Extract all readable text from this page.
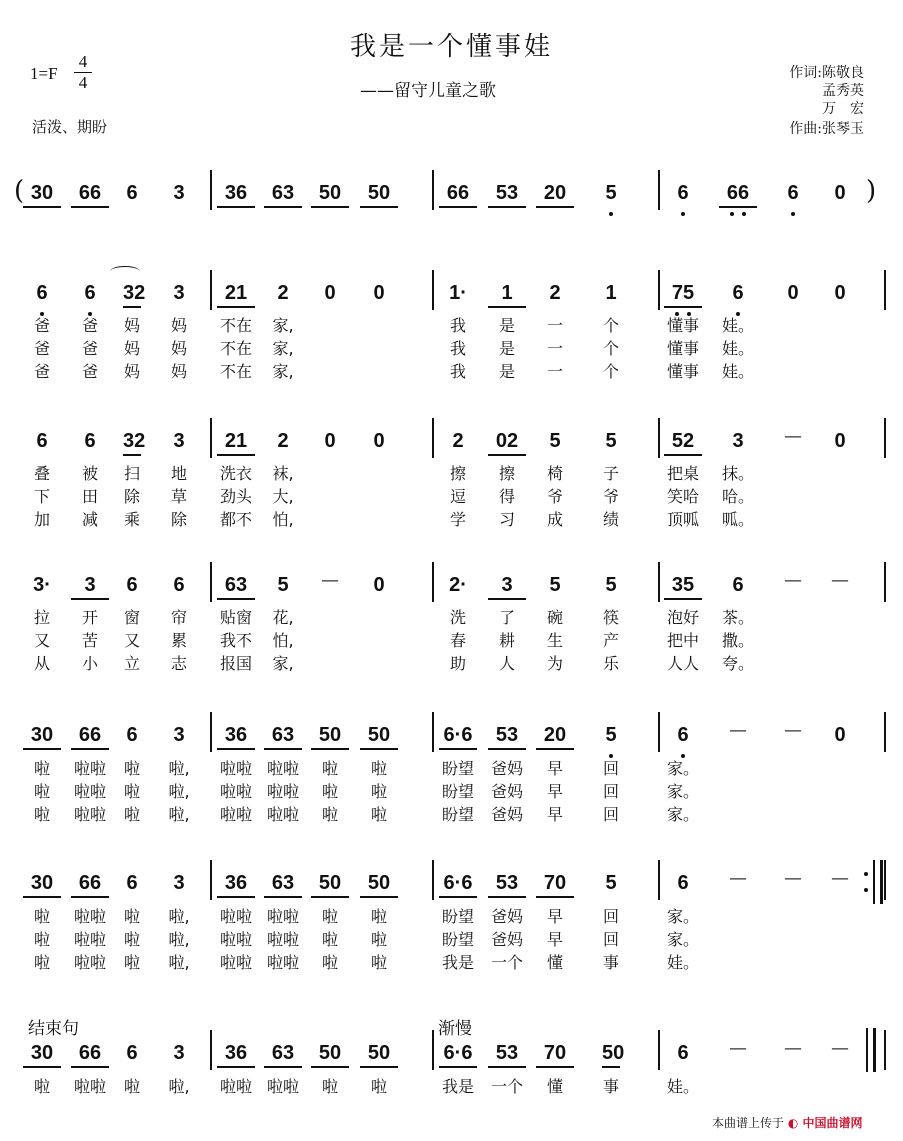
我是一个懂事娃
——留守儿童之歌
1=F
4
4
活泼、期盼
作词:陈敬良
孟秀英
万　宏
作曲:张琴玉
(	)
结束句	渐慢
30	66	6 3	36	63	50	50	66	53	20	5	6	66	6 0
6	6	32 3	21	2	0	0	1·	1	2	1	75	6	0 0
爸	爸	妈	妈	不在	家,	我	是	一	个	懂事	娃。
爸	爸	妈	妈	不在	家,	我	是	一	个	懂事	娃。
爸	爸	妈	妈	不在	家,	我	是	一	个	懂事	娃。
6	6	32 3	21	2	0	0	2	02	5	5	52	3	— 0
叠	被	扫	地	洗衣	袜,	擦	擦	椅	子	把桌	抹。
下	田	除	草	劲头	大,	逗	得	爷	爷	笑哈	哈。
加	减	乘	除	都不	怕,	学	习	成	绩	顶呱	呱。
3·	3	6 6	63	5	—	0	2·	3	5	5	35	6	— —
拉	开	窗	帘	贴窗	花,	洗	了	碗	筷	泡好	茶。
又	苦	又	累	我不	怕,	春	耕	生	产	把中	撒。
从	小	立	志	报国	家,	助	人	为	乐	人人	夸。
30	66	6 3	36	63	50	50	6·6	53	20	5	6	— — 0
啦	啦啦	啦	啦,	啦啦 啦啦	啦	啦	盼望	爸妈	早	回	家。
啦	啦啦	啦	啦,	啦啦 啦啦	啦	啦	盼望	爸妈	早	回	家。
啦	啦啦	啦	啦,	啦啦 啦啦	啦	啦	盼望	爸妈	早	回	家。
30	66	6 3	36	63	50	50	6·6	53	70	5	6	— — —
啦	啦啦	啦	啦,	啦啦 啦啦	啦	啦	盼望	爸妈	早	回	家。
啦	啦啦	啦	啦,	啦啦 啦啦	啦	啦	盼望	爸妈	早	回	家。
啦	啦啦	啦	啦,	啦啦 啦啦	啦	啦	我是	一个	懂	事	娃。
30	66	6 3	36	63	50	50	6·6	53	70	50	6	— — —
啦	啦啦	啦	啦,	啦啦 啦啦	啦	啦	我是	一个	懂	事	娃。
本曲谱上传于 ◐ 中国曲谱网
